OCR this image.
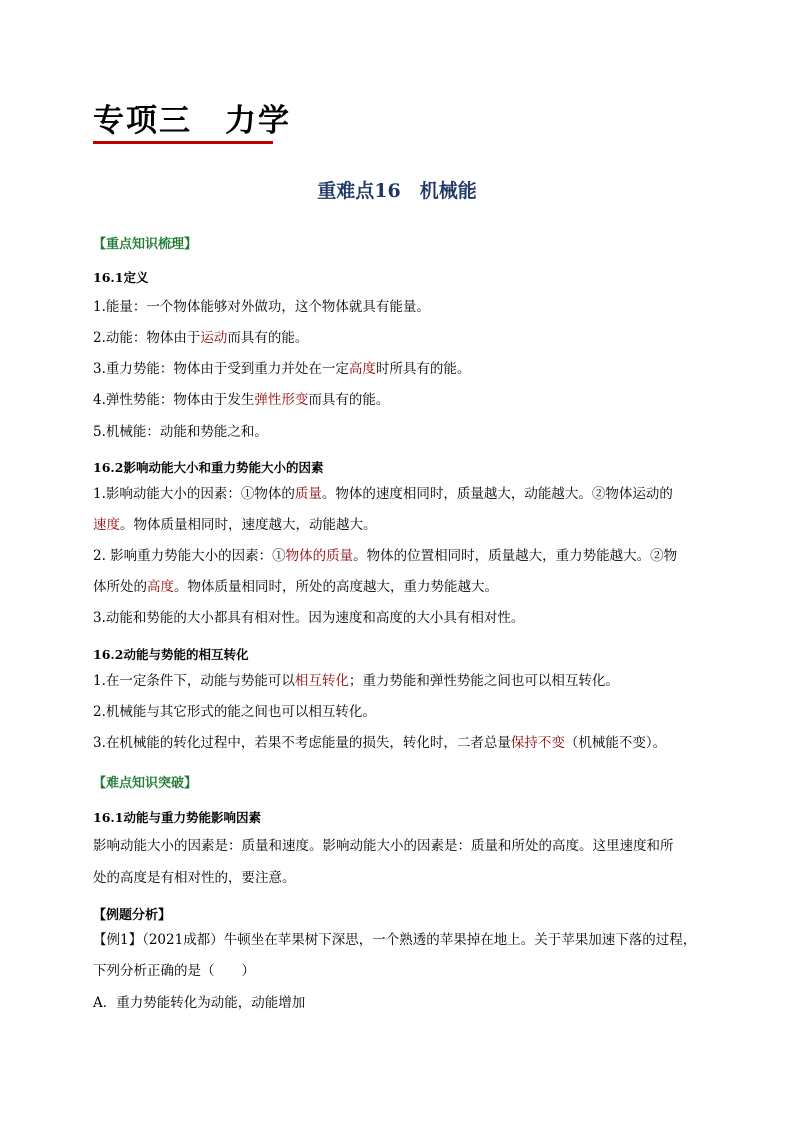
专项三　力学
重难点16　机械能
【重点知识梳理】
16.1定义
1.能量：一个物体能够对外做功，这个物体就具有能量。
2.动能：物体由于运动而具有的能。
3.重力势能：物体由于受到重力并处在一定高度时所具有的能。
4.弹性势能：物体由于发生弹性形变而具有的能。
5.机械能：动能和势能之和。
16.2影响动能大小和重力势能大小的因素
1.影响动能大小的因素：①物体的质量。物体的速度相同时，质量越大，动能越大。②物体运动的
速度。物体质量相同时，速度越大，动能越大。
2. 影响重力势能大小的因素：①物体的质量。物体的位置相同时，质量越大，重力势能越大。②物
体所处的高度。物体质量相同时，所处的高度越大，重力势能越大。
3.动能和势能的大小都具有相对性。因为速度和高度的大小具有相对性。
16.2动能与势能的相互转化
1.在一定条件下，动能与势能可以相互转化；重力势能和弹性势能之间也可以相互转化。
2.机械能与其它形式的能之间也可以相互转化。
3.在机械能的转化过程中，若果不考虑能量的损失，转化时，二者总量保持不变（机械能不变）。
【难点知识突破】
16.1动能与重力势能影响因素
影响动能大小的因素是：质量和速度。影响动能大小的因素是：质量和所处的高度。这里速度和所
处的高度是有相对性的，要注意。
【例题分析】
【例1】（2021成都）牛顿坐在苹果树下深思，一个熟透的苹果掉在地上。关于苹果加速下落的过程，
下列分析正确的是（　　）
A．重力势能转化为动能，动能增加
